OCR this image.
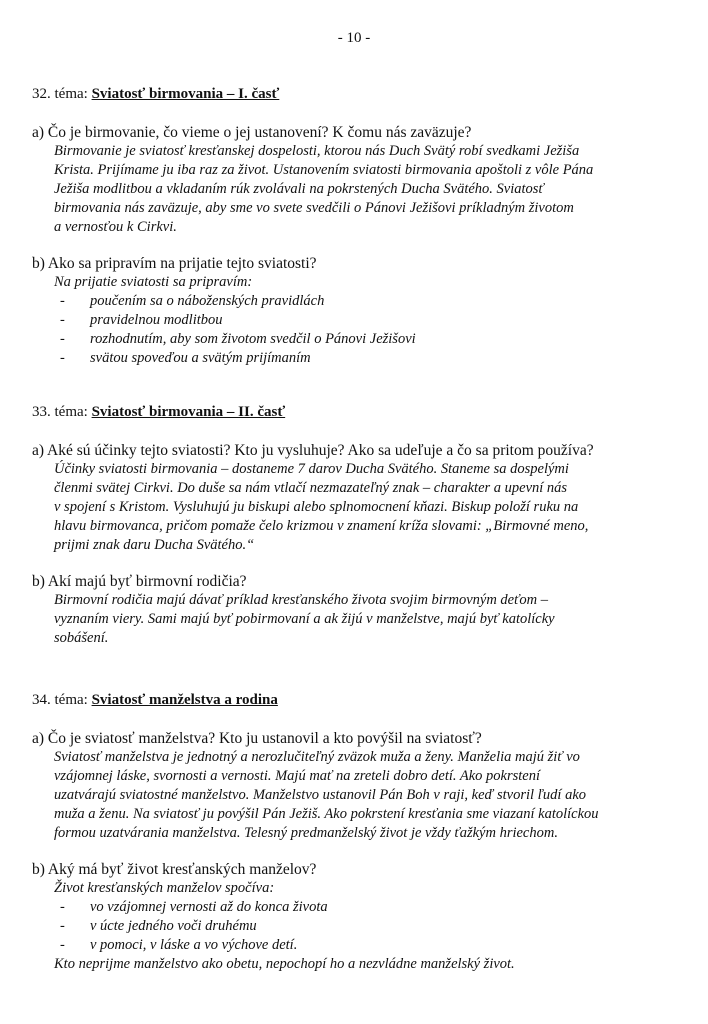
- 10 -
32. téma: Sviatosť birmovania – I. časť

a) Čo je birmovanie, čo vieme o jej ustanovení? K čomu nás zaväzuje?

Birmovanie je sviatosť kresťanskej dospelosti, ktorou nás Duch Svätý robí svedkami Ježiša

Krista. Prijímame ju iba raz za život. Ustanovením sviatosti birmovania apoštoli z vôle Pána

Ježiša modlitbou a vkladaním rúk zvolávali na pokrstených Ducha Svätého. Sviatosť

birmovania nás zaväzuje, aby sme vo svete svedčili o Pánovi Ježišovi príkladným životom

a vernosťou k Cirkvi.

b) Ako sa pripravím na prijatie tejto sviatosti?

Na prijatie sviatosti sa pripravím:

- poučením sa o náboženských pravidlách
- pravidelnou modlitbou
- rozhodnutím, aby som životom svedčil o Pánovi Ježišovi
- svätou spoveďou a svätým prijímaním
33. téma: Sviatosť birmovania – II. časť

a) Aké sú účinky tejto sviatosti? Kto ju vysluhuje? Ako sa udeľuje a čo sa pritom používa?

Účinky sviatosti birmovania – dostaneme 7 darov Ducha Svätého. Staneme sa dospelými

členmi svätej Cirkvi. Do duše sa nám vtlačí nezmazateľný znak – charakter a upevní nás

v spojení s Kristom. Vysluhujú ju biskupi alebo splnomocnení kňazi. Biskup položí ruku na

hlavu birmovanca, pričom pomaže čelo krizmou v znamení kríža slovami: „Birmovné meno,

prijmi znak daru Ducha Svätého.“

b) Akí majú byť birmovní rodičia?

Birmovní rodičia majú dávať príklad kresťanského života svojim birmovným deťom –

vyznaním viery. Sami majú byť pobirmovaní a ak žijú v manželstve, majú byť katolícky

sobášení.

34. téma: Sviatosť manželstva a rodina

a) Čo je sviatosť manželstva? Kto ju ustanovil a kto povýšil na sviatosť?

Sviatosť manželstva je jednotný a nerozlučiteľný zväzok muža a ženy. Manželia majú žiť vo

vzájomnej láske, svornosti a vernosti. Majú mať na zreteli dobro detí. Ako pokrstení

uzatvárajú sviatostné manželstvo. Manželstvo ustanovil Pán Boh v raji, keď stvoril ľudí ako

muža a ženu. Na sviatosť ju povýšil Pán Ježiš. Ako pokrstení kresťania sme viazaní katolíckou

formou uzatvárania manželstva. Telesný predmanželský život je vždy ťažkým hriechom.

b) Aký má byť život kresťanských manželov?

Život kresťanských manželov spočíva:

- vo vzájomnej vernosti až do konca života
- v úcte jedného voči druhému
- v pomoci, v láske a vo výchove detí.

Kto neprijme manželstvo ako obetu, nepochopí ho a nezvládne manželský život.
